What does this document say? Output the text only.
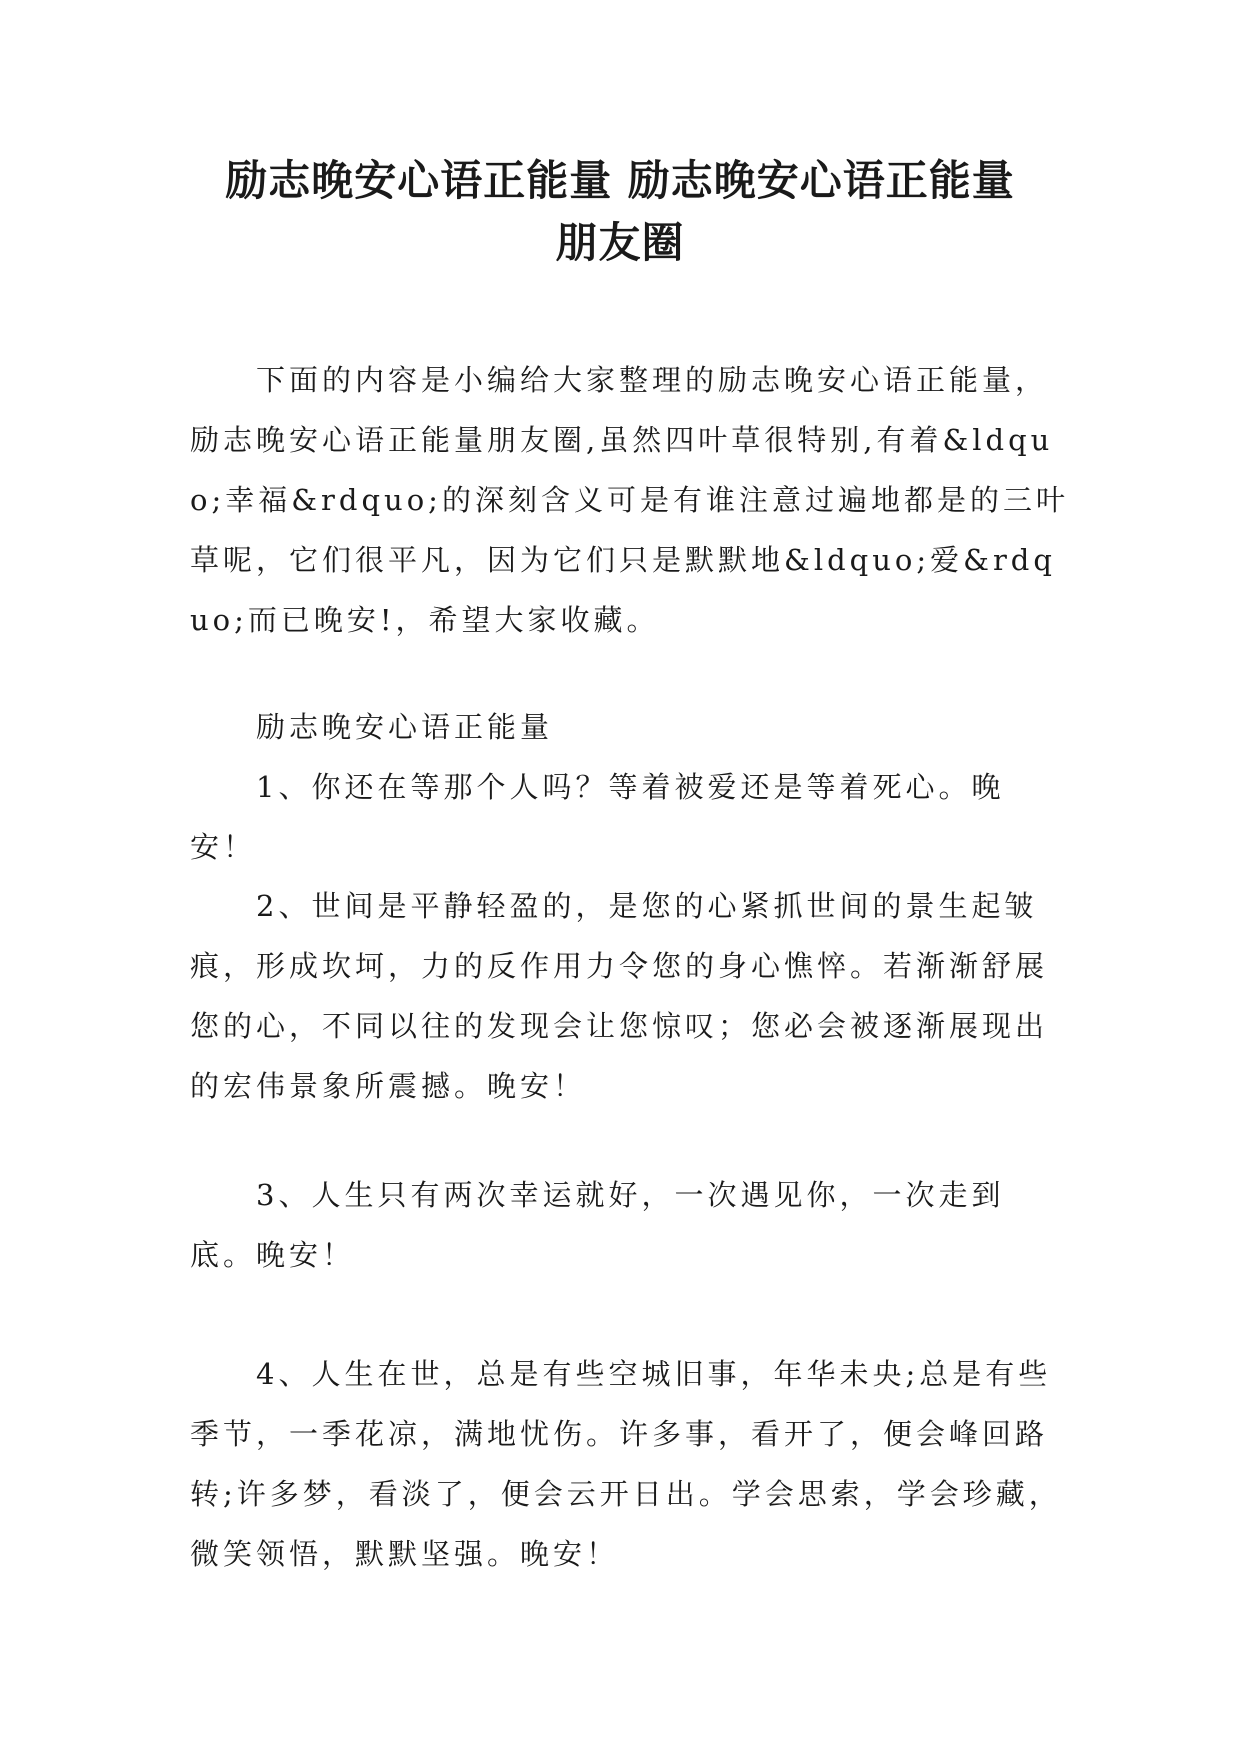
励志晚安心语正能量 励志晚安心语正能量
朋友圈

下面的内容是小编给大家整理的励志晚安心语正能量，励志晚安心语正能量朋友圈,虽然四叶草很特别,有着&ldquo;幸福&rdquo;的深刻含义可是有谁注意过遍地都是的三叶草呢，它们很平凡，因为它们只是默默地&ldquo;爱&rdquo;而已晚安!，希望大家收藏。

励志晚安心语正能量

1、你还在等那个人吗？等着被爱还是等着死心。晚安！

2、世间是平静轻盈的，是您的心紧抓世间的景生起皱痕，形成坎坷，力的反作用力令您的身心憔悴。若渐渐舒展您的心，不同以往的发现会让您惊叹；您必会被逐渐展现出的宏伟景象所震撼。晚安！

3、人生只有两次幸运就好，一次遇见你，一次走到底。晚安！

4、人生在世，总是有些空城旧事，年华未央;总是有些季节，一季花凉，满地忧伤。许多事，看开了，便会峰回路转;许多梦，看淡了，便会云开日出。学会思索，学会珍藏，微笑领悟，默默坚强。晚安！
